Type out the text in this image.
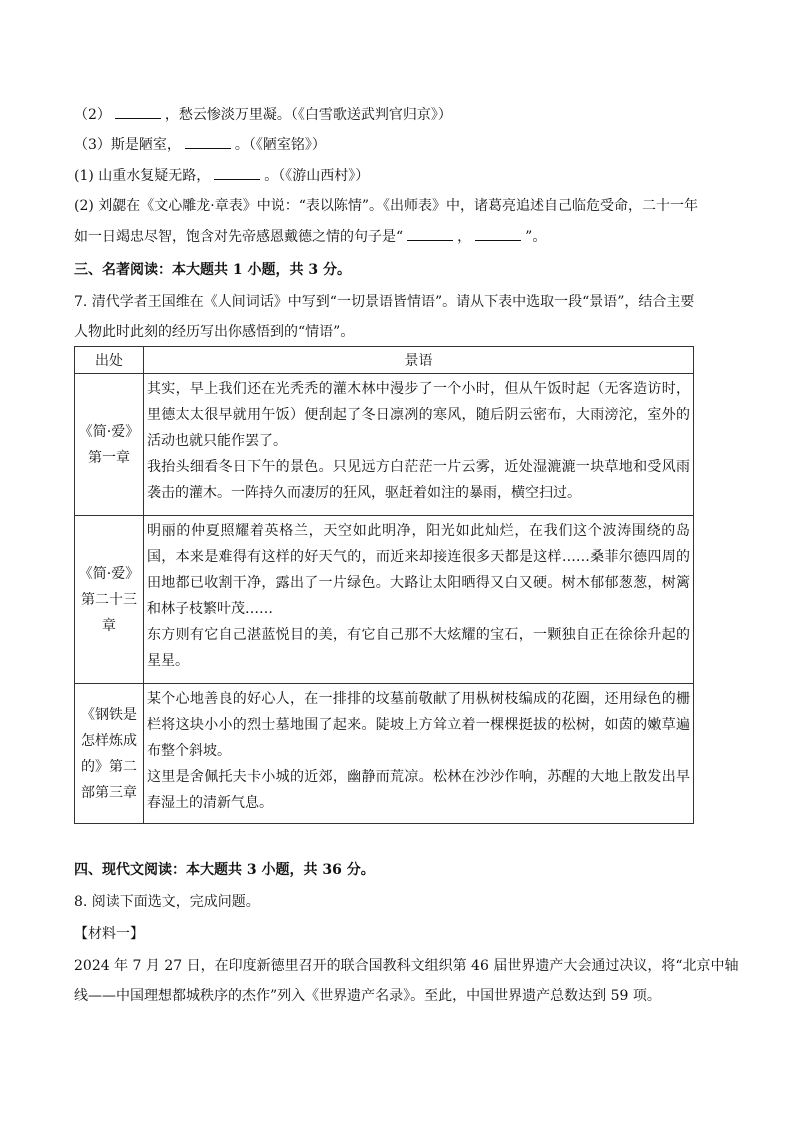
（2）	，愁云惨淡万里凝。（《白雪歌送武判官归京》）
（3）斯是陋室，	。（《陋室铭》）
(1) 山重水复疑无路，	。（《游山西村》）
(2) 刘勰在《文心雕龙·章表》中说：“表以陈情”。《出师表》中，诸葛亮追述自己临危受命，二十一年
如一日竭忠尽智，饱含对先帝感恩戴德之情的句子是“	，	”。
三、名著阅读：本大题共 1 小题，共 3 分。
7. 清代学者王国维在《人间词话》中写到“一切景语皆情语”。请从下表中选取一段“景语”，结合主要
人物此时此刻的经历写出你感悟到的“情语”。
出处	景语
《简·爱》第一章	其实，早上我们还在光秃秃的灌木林中漫步了一个小时，但从午饭时起（无客造访时，里德太太很早就用午饭）便刮起了冬日凛冽的寒风，随后阴云密布，大雨滂沱，室外的活动也就只能作罢了。
我抬头细看冬日下午的景色。只见远方白茫茫一片云雾，近处湿漉漉一块草地和受风雨袭击的灌木。一阵持久而凄厉的狂风，驱赶着如注的暴雨，横空扫过。

《简·爱》第二十三章	明丽的仲夏照耀着英格兰，天空如此明净，阳光如此灿烂，在我们这个波涛围绕的岛国，本来是难得有这样的好天气的，而近来却接连很多天都是这样……桑菲尔德四周的田地都已收割干净，露出了一片绿色。大路让太阳晒得又白又硬。树木郁郁葱葱，树篱和林子枝繁叶茂……
东方则有它自己湛蓝悦目的美，有它自己那不大炫耀的宝石，一颗独自正在徐徐升起的星星。

《钢铁是怎样炼成的》第二部第三章	某个心地善良的好心人，在一排排的坟墓前敬献了用枞树枝编成的花圈，还用绿色的栅栏将这块小小的烈士墓地围了起来。陡坡上方耸立着一棵棵挺拔的松树，如茵的嫩草遍布整个斜坡。
这里是舍佩托夫卡小城的近郊，幽静而荒凉。松林在沙沙作响，苏醒的大地上散发出早春湿土的清新气息。
四、现代文阅读：本大题共 3 小题，共 36 分。
8. 阅读下面选文，完成问题。
【材料一】
2024 年 7 月 27 日，在印度新德里召开的联合国教科文组织第 46 届世界遗产大会通过决议，将“北京中轴
线——中国理想都城秩序的杰作”列入《世界遗产名录》。至此，中国世界遗产总数达到 59 项。
